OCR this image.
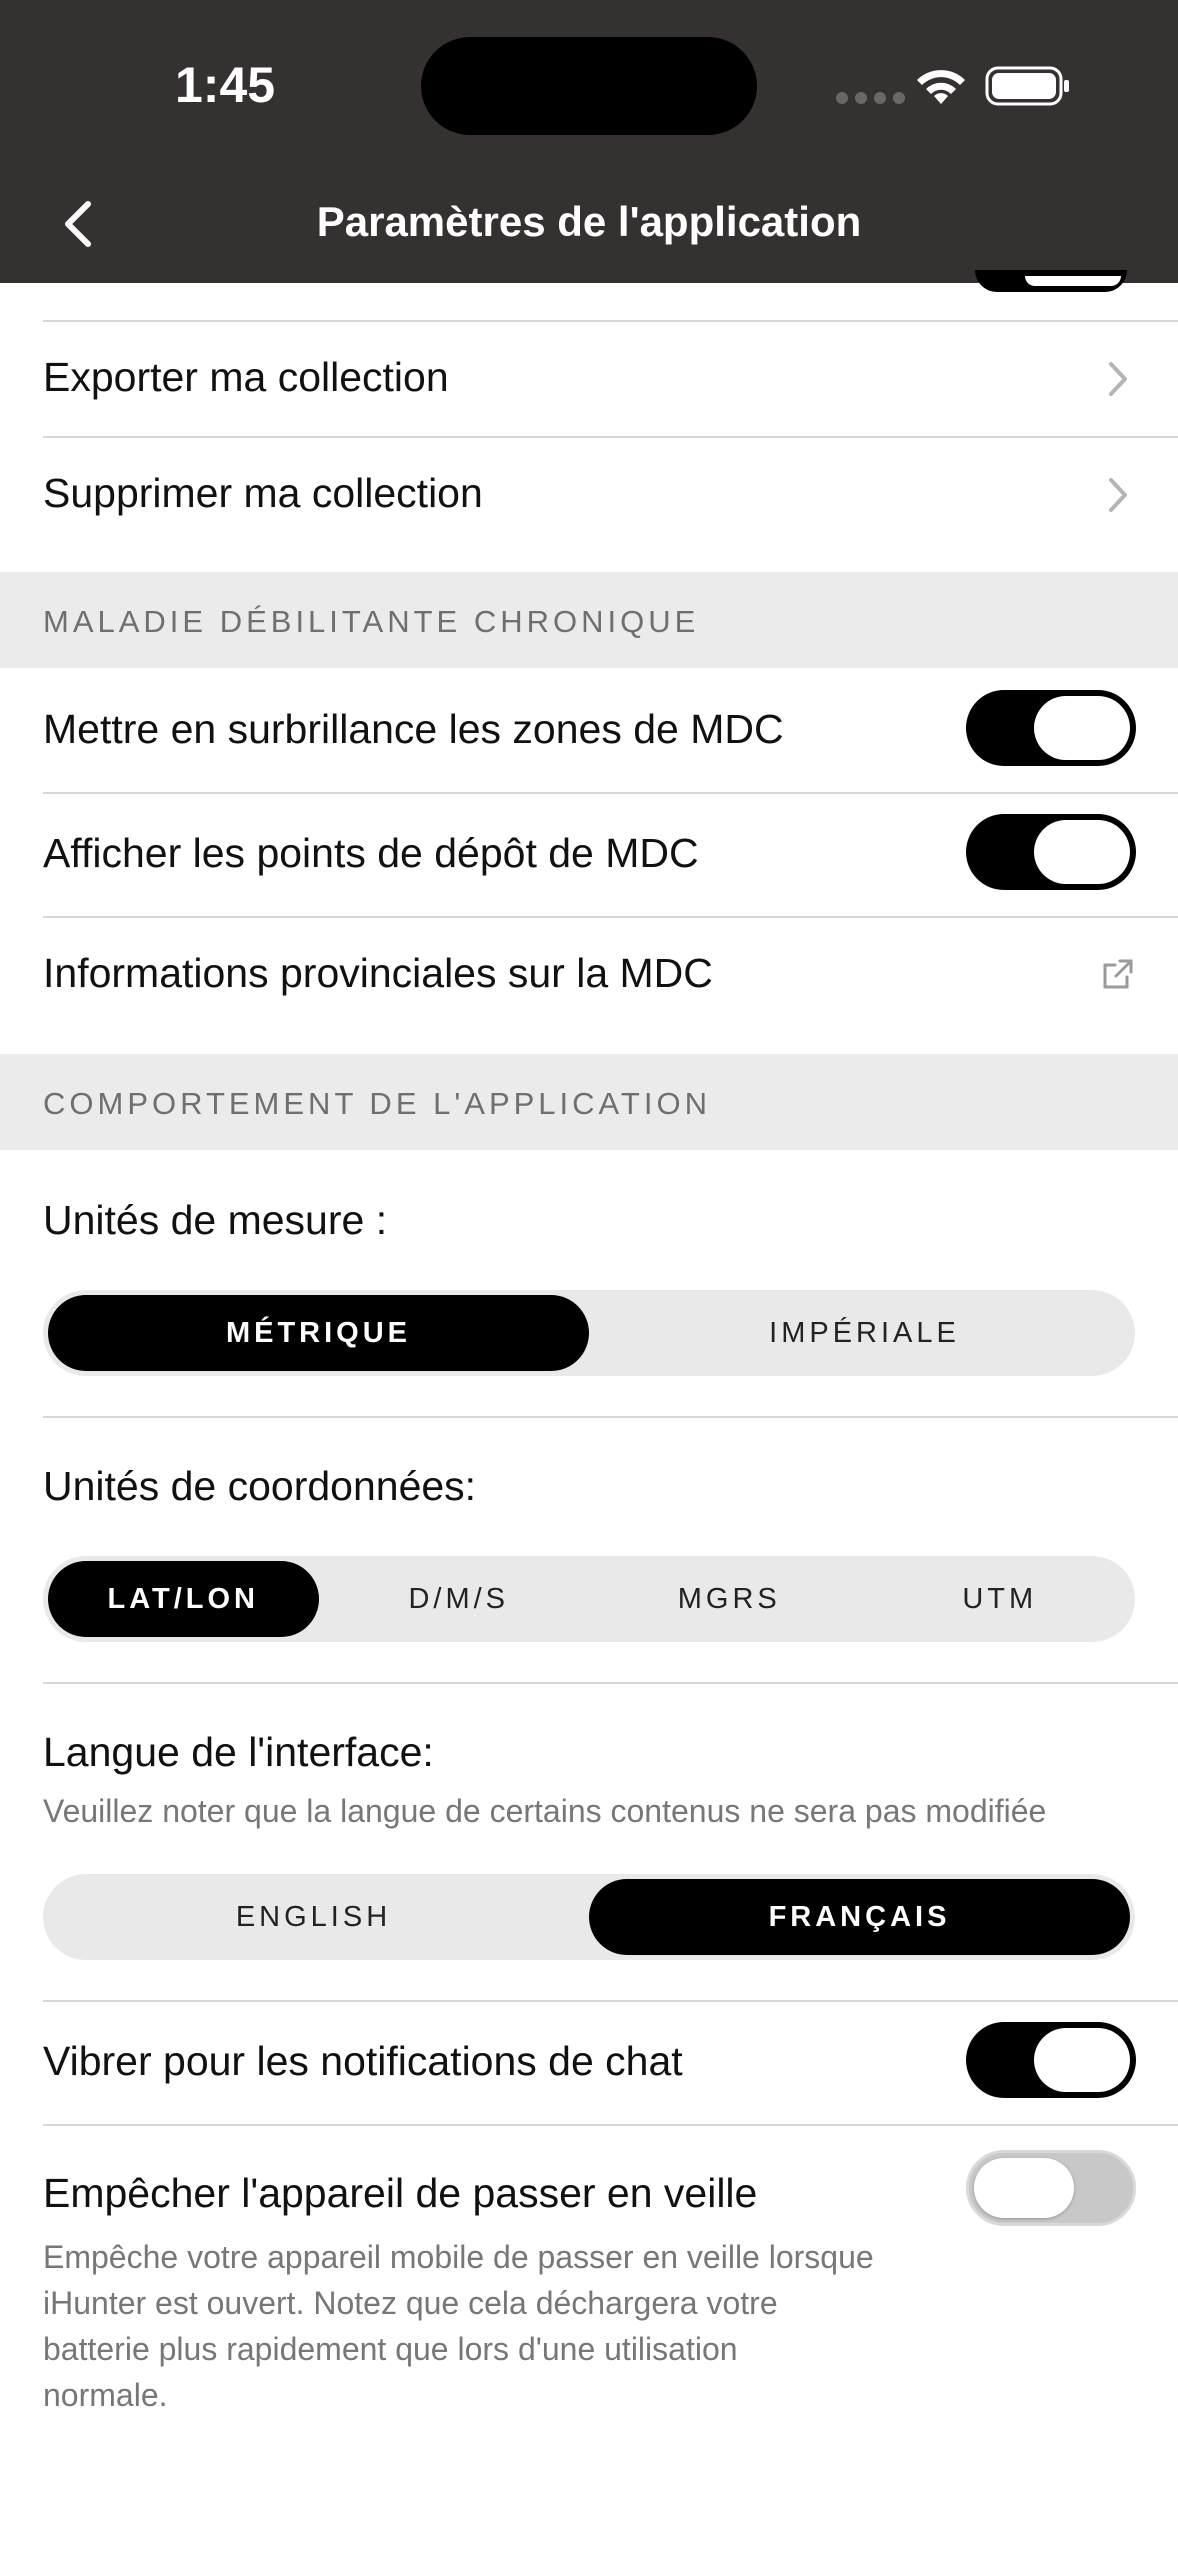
1:45
Paramètres de l'application
Exporter ma collection
Supprimer ma collection
MALADIE DÉBILITANTE CHRONIQUE
Mettre en surbrillance les zones de MDC
Afficher les points de dépôt de MDC
Informations provinciales sur la MDC
COMPORTEMENT DE L'APPLICATION
Unités de mesure :
MÉTRIQUE	IMPÉRIALE
Unités de coordonnées:
LAT/LON	D/M/S	MGRS	UTM
Langue de l'interface:
Veuillez noter que la langue de certains contenus ne sera pas modifiée
ENGLISH	FRANÇAIS
Vibrer pour les notifications de chat
Empêcher l'appareil de passer en veille
Empêche votre appareil mobile de passer en veille lorsque
iHunter est ouvert. Notez que cela déchargera votre
batterie plus rapidement que lors d'une utilisation
normale.
